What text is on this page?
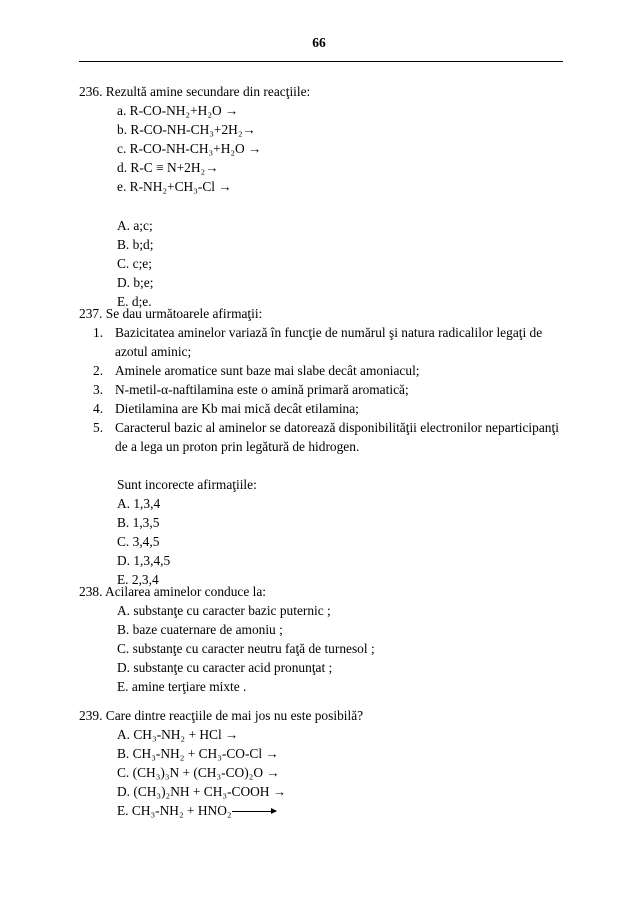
66
236. Rezultă amine secundare din reacţiile:
a. R-CO-NH₂+H₂O →
b. R-CO-NH-CH₃+2H₂→
c. R-CO-NH-CH₃+H₂O →
d. R-C ≡ N+2H₂→
e. R-NH₂+CH₃-Cl →
A. a;c;
B. b;d;
C. c;e;
D. b;e;
E. d;e.
237. Se dau următoarele afirmaţii:
1. Bazicitatea aminelor variază în funcţie de numărul şi natura radicalilor legaţi de azotul aminic;
2. Aminele aromatice sunt baze mai slabe decât amoniacul;
3. N-metil-α-naftilamina este o amină primară aromatică;
4. Dietilamina are Kb mai mică decât etilamina;
5. Caracterul bazic al aminelor se datorează disponibilităţii electronilor neparticipanţi de a lega un proton prin legătură de hidrogen.
Sunt incorecte afirmaţiile:
A. 1,3,4
B. 1,3,5
C. 3,4,5
D. 1,3,4,5
E. 2,3,4
238. Acilarea aminelor conduce la:
A. substanţe cu caracter bazic puternic ;
B. baze cuaternare de amoniu ;
C. substanţe cu caracter neutru faţă de turnesol ;
D. substanţe cu caracter acid pronunţat ;
E. amine terţiare mixte .
239. Care dintre reacţiile de mai jos nu este posibilă?
A. CH₃-NH₂ + HCl →
B. CH₃-NH₂ + CH₃-CO-Cl →
C. (CH₃)₃N + (CH₃-CO)₂O →
D. (CH₃)₂NH + CH₃-COOH →
E. CH₃-NH₂ + HNO₂
